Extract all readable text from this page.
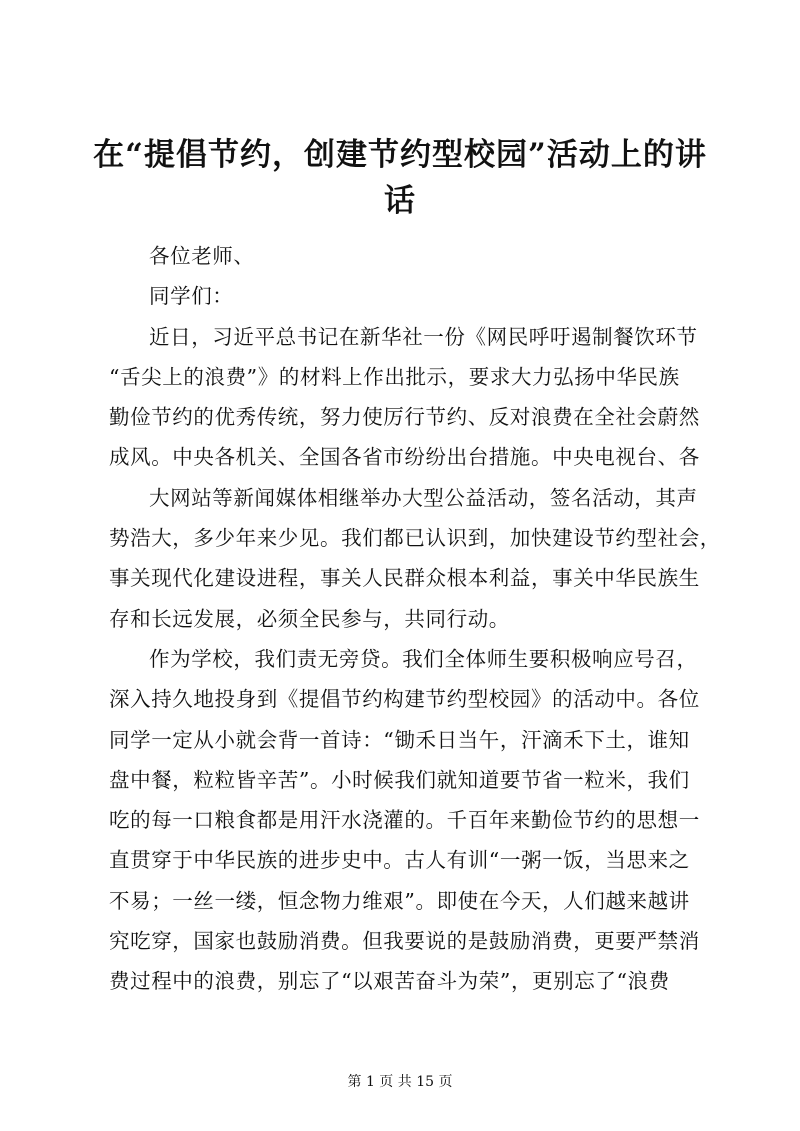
在“提倡节约，创建节约型校园”活动上的讲
话
各位老师、
同学们：
近日，习近平总书记在新华社一份《网民呼吁遏制餐饮环节
“舌尖上的浪费”》的材料上作出批示，要求大力弘扬中华民族
勤俭节约的优秀传统，努力使厉行节约、反对浪费在全社会蔚然
成风。中央各机关、全国各省市纷纷出台措施。中央电视台、各
大网站等新闻媒体相继举办大型公益活动，签名活动，其声
势浩大，多少年来少见。我们都已认识到，加快建设节约型社会，
事关现代化建设进程，事关人民群众根本利益，事关中华民族生
存和长远发展，必须全民参与，共同行动。
作为学校，我们责无旁贷。我们全体师生要积极响应号召，
深入持久地投身到《提倡节约构建节约型校园》的活动中。各位
同学一定从小就会背一首诗：“锄禾日当午，汗滴禾下土，谁知
盘中餐，粒粒皆辛苦”。小时候我们就知道要节省一粒米，我们
吃的每一口粮食都是用汗水浇灌的。千百年来勤俭节约的思想一
直贯穿于中华民族的进步史中。古人有训“一粥一饭，当思来之
不易；一丝一缕，恒念物力维艰”。即使在今天，人们越来越讲
究吃穿，国家也鼓励消费。但我要说的是鼓励消费，更要严禁消
费过程中的浪费，别忘了“以艰苦奋斗为荣”，更别忘了“浪费
第 1 页 共 15 页
